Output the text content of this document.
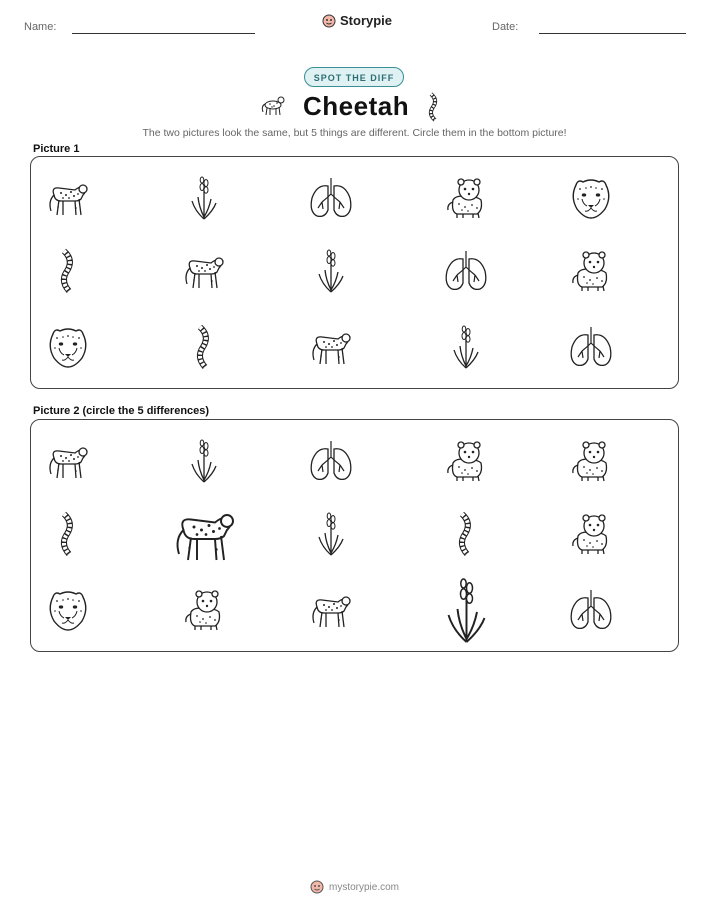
Name:	Storypie	Date:
SPOT THE DIFF
Cheetah
The two pictures look the same, but 5 things are different. Circle them in the bottom picture!
Picture 1
Picture 2 (circle the 5 differences)
mystorypie.com
